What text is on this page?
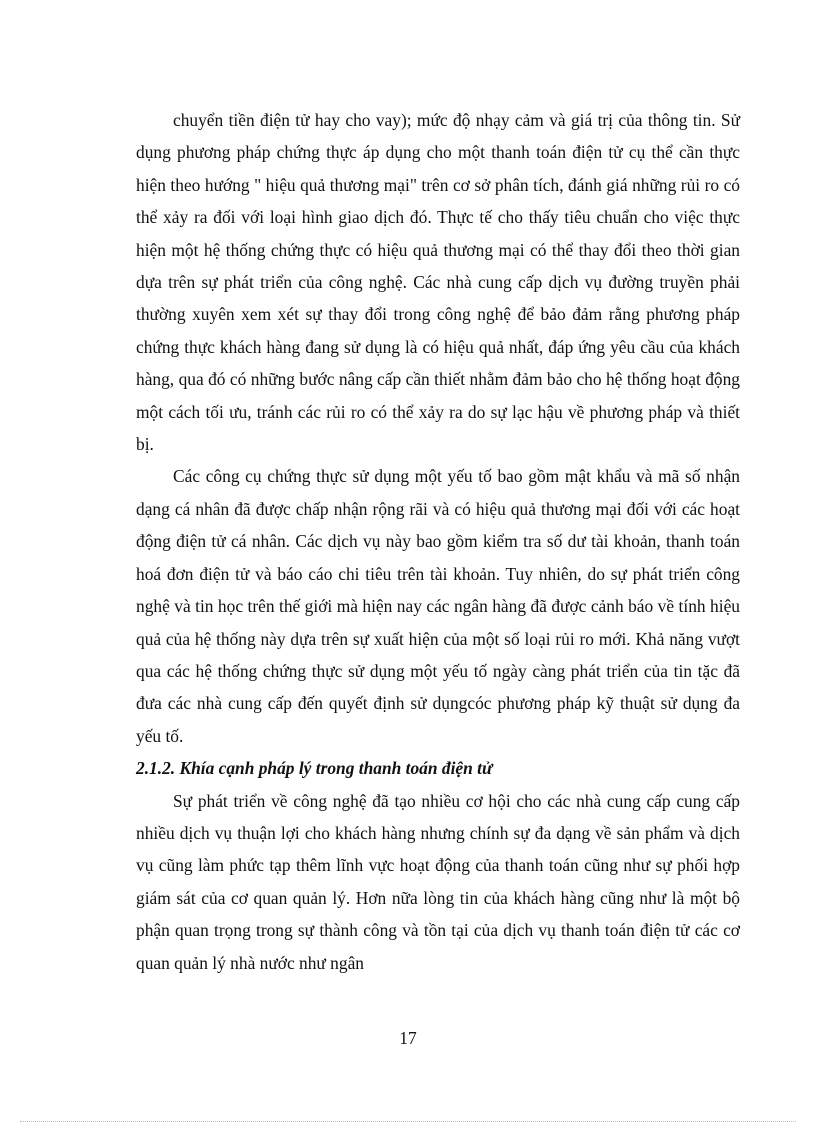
chuyển tiền điện tử hay cho vay); mức độ nhạy cảm và giá trị của thông tin. Sử dụng phương pháp chứng thực áp dụng cho một thanh toán điện tử cụ thể cần thực hiện theo hướng " hiệu quả thương mại" trên cơ sở phân tích, đánh giá những rủi ro có thể xảy ra đối với loại hình giao dịch đó. Thực tế cho thấy tiêu chuẩn cho việc thực hiện một hệ thống chứng thực có hiệu quả thương mại có thể thay đổi theo thời gian dựa trên sự phát triển của công nghệ. Các nhà cung cấp dịch vụ đường truyền phải thường xuyên xem xét sự thay đổi trong công nghệ để bảo đảm rằng phương pháp chứng thực khách hàng đang sử dụng là có hiệu quả nhất, đáp ứng yêu cầu của khách hàng, qua đó có những bước nâng cấp cần thiết nhằm đảm bảo cho hệ thống hoạt động một cách tối ưu, tránh các rủi ro có thể xảy ra do sự lạc hậu về phương pháp và thiết bị.

Các công cụ chứng thực sử dụng một yếu tố bao gồm mật khẩu và mã số nhận dạng cá nhân đã được chấp nhận rộng rãi và có hiệu quả thương mại đối với các hoạt động điện tử cá nhân. Các dịch vụ này bao gồm kiểm tra số dư tài khoản, thanh toán hoá đơn điện tử và báo cáo chi tiêu trên tài khoản. Tuy nhiên, do sự phát triển công nghệ và tin học trên thế giới mà hiện nay các ngân hàng đã được cảnh báo về tính hiệu quả của hệ thống này dựa trên sự xuất hiện của một số loại rủi ro mới. Khả năng vượt qua các hệ thống chứng thực sử dụng một yếu tố ngày càng phát triển của tin tặc đã đưa các nhà cung cấp đến quyết định sử dụngcóc phương pháp kỹ thuật sử dụng đa yếu tố.

2.1.2. Khía cạnh pháp lý trong thanh toán điện tử

Sự phát triển về công nghệ đã tạo nhiều cơ hội cho các nhà cung cấp cung cấp nhiều dịch vụ thuận lợi cho khách hàng nhưng chính sự đa dạng về sản phẩm và dịch vụ cũng làm phức tạp thêm lĩnh vực hoạt động của thanh toán cũng như sự phối hợp giám sát của cơ quan quản lý. Hơn nữa lòng tin của khách hàng cũng như là một bộ phận quan trọng trong sự thành công và tồn tại của dịch vụ thanh toán điện tử các cơ quan quản lý nhà nước như ngân

17
